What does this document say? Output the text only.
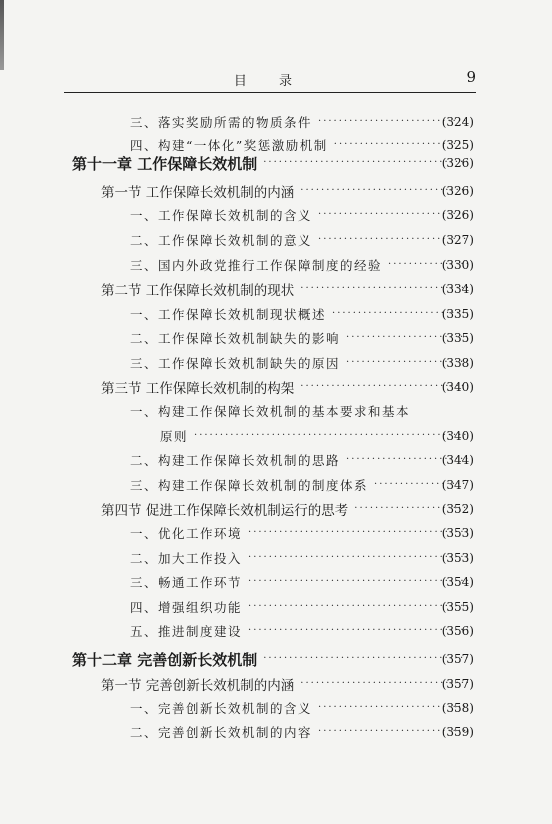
目 录	9
三、落实奖励所需的物质条件 ·····	(324)
四、构建“一体化”奖惩激励机制 ·····	(325)
第十一章 工作保障长效机制 ·····	(326)
第一节 工作保障长效机制的内涵 ·····	(326)
一、工作保障长效机制的含义 ·····	(326)
二、工作保障长效机制的意义 ·····	(327)
三、国内外政党推行工作保障制度的经验 ·····	(330)
第二节 工作保障长效机制的现状 ·····	(334)
一、工作保障长效机制现状概述 ·····	(335)
二、工作保障长效机制缺失的影响 ·····	(335)
三、工作保障长效机制缺失的原因 ·····	(338)
第三节 工作保障长效机制的构架 ·····	(340)
一、构建工作保障长效机制的基本要求和基本
原则 ·····	(340)
二、构建工作保障长效机制的思路 ·····	(344)
三、构建工作保障长效机制的制度体系 ·····	(347)
第四节 促进工作保障长效机制运行的思考 ·····	(352)
一、优化工作环境 ·····	(353)
二、加大工作投入 ·····	(353)
三、畅通工作环节 ·····	(354)
四、增强组织功能 ·····	(355)
五、推进制度建设 ·····	(356)
第十二章 完善创新长效机制 ·····	(357)
第一节 完善创新长效机制的内涵 ·····	(357)
一、完善创新长效机制的含义 ·····	(358)
二、完善创新长效机制的内容 ·····	(359)
